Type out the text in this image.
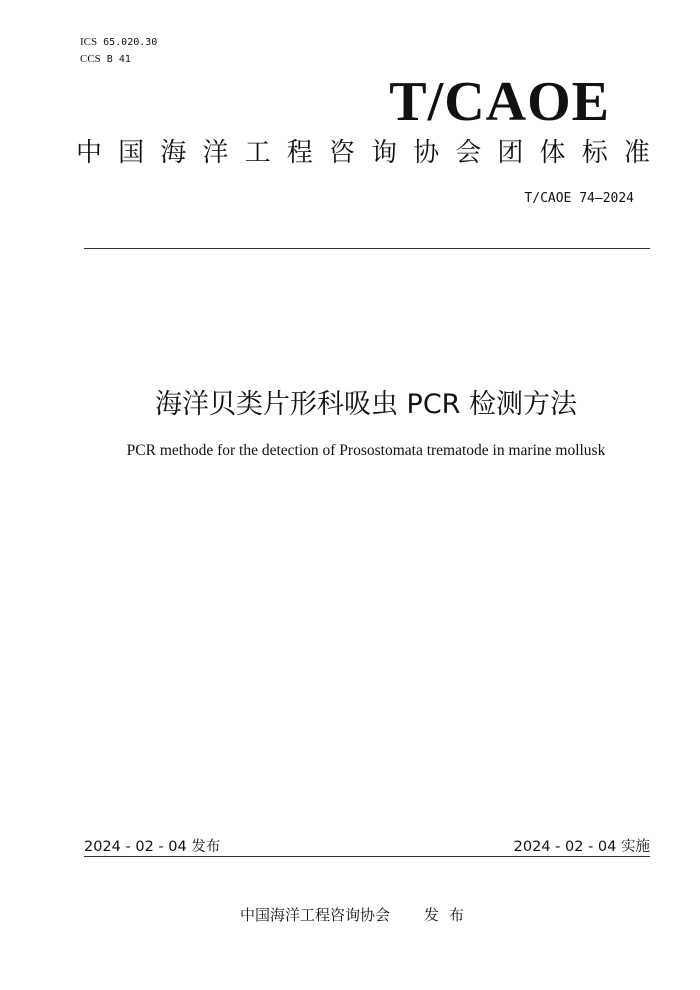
ICS 65.020.30
CCS B 41
T/CAOE
中 国 海 洋 工 程 咨 询 协 会 团 体 标 准
T/CAOE 74—2024
海洋贝类片形科吸虫 PCR 检测方法
PCR methode for the detection of Prosostomata trematode in marine mollusk
2024 - 02 - 04 发布	2024 - 02 - 04 实施
中国海洋工程咨询协会 发布
